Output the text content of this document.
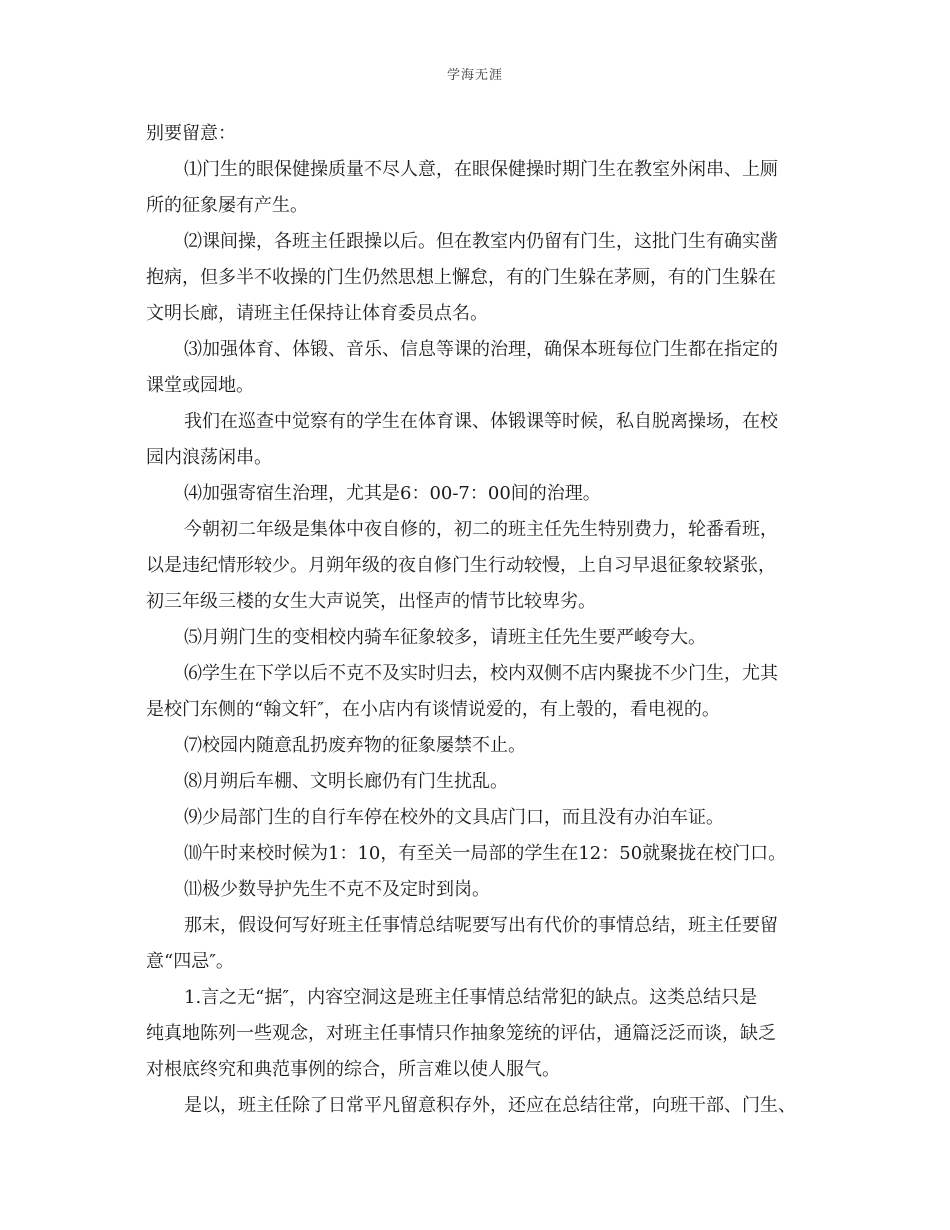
学海无涯
别要留意：
⑴门生的眼保健操质量不尽人意，在眼保健操时期门生在教室外闲串、上厕
所的征象屡有产生。
⑵课间操，各班主任跟操以后。但在教室内仍留有门生，这批门生有确实凿
抱病，但多半不收操的门生仍然思想上懈怠，有的门生躲在茅厕，有的门生躲在
文明长廊，请班主任保持让体育委员点名。
⑶加强体育、体锻、音乐、信息等课的治理，确保本班每位门生都在指定的
课堂或园地。
我们在巡查中觉察有的学生在体育课、体锻课等时候，私自脱离操场，在校
园内浪荡闲串。
⑷加强寄宿生治理，尤其是6：00-7：00间的治理。
今朝初二年级是集体中夜自修的，初二的班主任先生特别费力，轮番看班，
以是违纪情形较少。月朔年级的夜自修门生行动较慢，上自习早退征象较紧张，
初三年级三楼的女生大声说笑，出怪声的情节比较卑劣。
⑸月朔门生的变相校内骑车征象较多，请班主任先生要严峻夸大。
⑹学生在下学以后不克不及实时归去，校内双侧不店内聚拢不少门生，尤其
是校门东侧的“翰文轩″，在小店内有谈情说爱的，有上彀的，看电视的。
⑺校园内随意乱扔废弃物的征象屡禁不止。
⑻月朔后车棚、文明长廊仍有门生扰乱。
⑼少局部门生的自行车停在校外的文具店门口，而且没有办泊车证。
⑽午时来校时候为1：10，有至关一局部的学生在12：50就聚拢在校门口。
⑾极少数导护先生不克不及定时到岗。
那末，假设何写好班主任事情总结呢要写出有代价的事情总结，班主任要留
意“四忌″。
1.言之无“据″，内容空洞这是班主任事情总结常犯的缺点。这类总结只是
纯真地陈列一些观念，对班主任事情只作抽象笼统的评估，通篇泛泛而谈，缺乏
对根底终究和典范事例的综合，所言难以使人服气。
是以，班主任除了日常平凡留意积存外，还应在总结往常，向班干部、门生、
